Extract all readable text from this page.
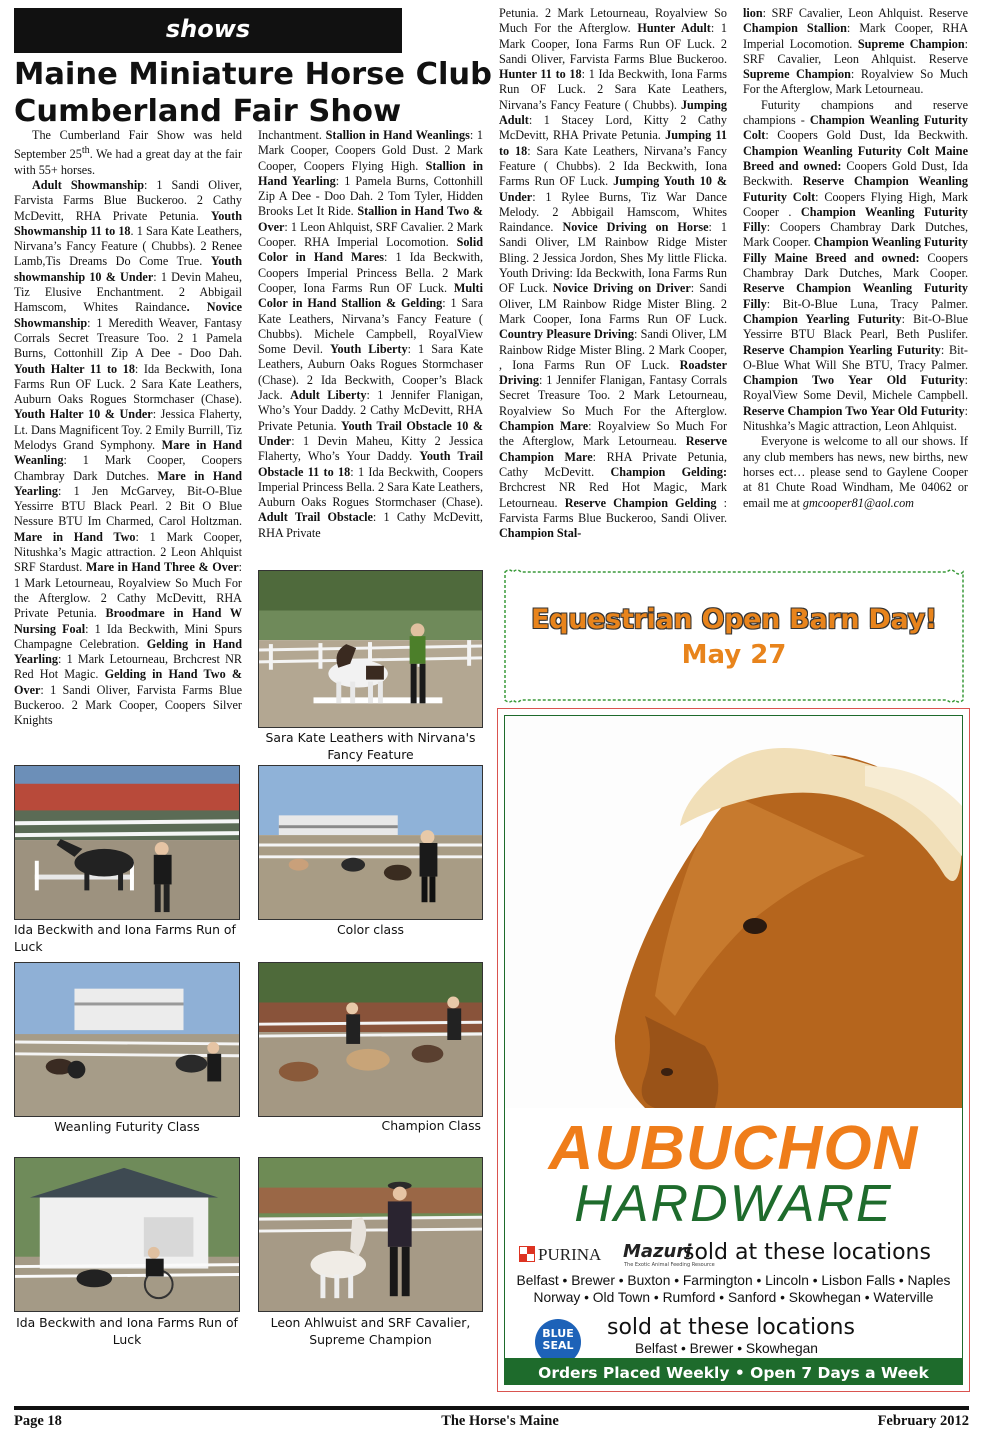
shows
Maine Miniature Horse Club
Cumberland Fair Show

The Cumberland Fair Show was held September 25th. We had a great day at the fair with 55+ horses.

Adult Showmanship: 1 Sandi Oliver, Farvista Farms Blue Buckeroo. 2 Cathy McDevitt, RHA Private Petunia. Youth Showmanship 11 to 18. 1 Sara Kate Leathers, Nirvana’s Fancy Feature ( Chubbs). 2 Renee Lamb,Tis Dreams Do Come True. Youth showmanship 10 & Under: 1 Devin Maheu, Tiz Elusive Enchantment. 2 Abbigail Hamscom, Whites Raindance. Novice Showmanship: 1 Meredith Weaver, Fantasy Corrals Secret Treasure Too. 2 1 Pamela Burns, Cottonhill Zip A Dee - Doo Dah. Youth Halter 11 to 18: Ida Beckwith, Iona Farms Run OF Luck. 2 Sara Kate Leathers, Auburn Oaks Rogues Stormchaser (Chase). Youth Halter 10 & Under: Jessica Flaherty, Lt. Dans Magnificent Toy. 2 Emily Burrill, Tiz Melodys Grand Symphony. Mare in Hand Weanling: 1 Mark Cooper, Coopers Chambray Dark Dutches. Mare in Hand Yearling: 1 Jen McGarvey, Bit-O-Blue Yessirre BTU Black Pearl. 2 Bit O Blue Nessure BTU Im Charmed, Carol Holtzman. Mare in Hand Two: 1 Mark Cooper, Nitushka’s Magic attraction. 2 Leon Ahlquist SRF Stardust. Mare in Hand Three & Over: 1 Mark Letourneau, Royalview So Much For the Afterglow. 2 Cathy McDevitt, RHA Private Petunia. Broodmare in Hand W Nursing Foal: 1 Ida Beckwith, Mini Spurs Champagne Celebration. Gelding in Hand Yearling: 1 Mark Letourneau, Brchcrest NR Red Hot Magic. Gelding in Hand Two & Over: 1 Sandi Oliver, Farvista Farms Blue Buckeroo. 2 Mark Cooper, Coopers Silver Knights

Inchantment. Stallion in Hand Weanlings: 1 Mark Cooper, Coopers Gold Dust. 2 Mark Cooper, Coopers Flying High. Stallion in Hand Yearling: 1 Pamela Burns, Cottonhill Zip A Dee - Doo Dah. 2 Tom Tyler, Hidden Brooks Let It Ride. Stallion in Hand Two & Over: 1 Leon Ahlquist, SRF Cavalier. 2 Mark Cooper. RHA Imperial Locomotion. Solid Color in Hand Mares: 1 Ida Beckwith, Coopers Imperial Princess Bella. 2 Mark Cooper, Iona Farms Run OF Luck. Multi Color in Hand Stallion & Gelding: 1 Sara Kate Leathers, Nirvana’s Fancy Feature ( Chubbs). Michele Campbell, RoyalView Some Devil. Youth Liberty: 1 Sara Kate Leathers, Auburn Oaks Rogues Stormchaser (Chase). 2 Ida Beckwith, Cooper’s Black Jack. Adult Liberty: 1 Jennifer Flanigan, Who’s Your Daddy. 2 Cathy McDevitt, RHA Private Petunia. Youth Trail Obstacle 10 & Under: 1 Devin Maheu, Kitty 2 Jessica Flaherty, Who’s Your Daddy. Youth Trail Obstacle 11 to 18: 1 Ida Beckwith, Coopers Imperial Princess Bella. 2 Sara Kate Leathers, Auburn Oaks Rogues Stormchaser (Chase). Adult Trail Obstacle: 1 Cathy McDevitt, RHA Private

Petunia. 2 Mark Letourneau, Royalview So Much For the Afterglow. Hunter Adult: 1 Mark Cooper, Iona Farms Run OF Luck. 2 Sandi Oliver, Farvista Farms Blue Buckeroo. Hunter 11 to 18: 1 Ida Beckwith, Iona Farms Run OF Luck. 2 Sara Kate Leathers, Nirvana’s Fancy Feature ( Chubbs). Jumping Adult: 1 Stacey Lord, Kitty 2 Cathy McDevitt, RHA Private Petunia. Jumping 11 to 18: Sara Kate Leathers, Nirvana’s Fancy Feature ( Chubbs). 2 Ida Beckwith, Iona Farms Run OF Luck. Jumping Youth 10 & Under: 1 Rylee Burns, Tiz War Dance Melody. 2 Abbigail Hamscom, Whites Raindance. Novice Driving on Horse: 1 Sandi Oliver, LM Rainbow Ridge Mister Bling. 2 Jessica Jordon, Shes My little Flicka. Youth Driving: Ida Beckwith, Iona Farms Run OF Luck. Novice Driving on Driver: Sandi Oliver, LM Rainbow Ridge Mister Bling. 2 Mark Cooper, Iona Farms Run OF Luck. Country Pleasure Driving: Sandi Oliver, LM Rainbow Ridge Mister Bling. 2 Mark Cooper, , Iona Farms Run OF Luck. Roadster Driving: 1 Jennifer Flanigan, Fantasy Corrals Secret Treasure Too. 2 Mark Letourneau, Royalview So Much For the Afterglow. Champion Mare: Royalview So Much For the Afterglow, Mark Letourneau. Reserve Champion Mare: RHA Private Petunia, Cathy McDevitt. Champion Gelding: Brchcrest NR Red Hot Magic, Mark Letourneau. Reserve Champion Gelding : Farvista Farms Blue Buckeroo, Sandi Oliver. Champion Stal-

lion: SRF Cavalier, Leon Ahlquist. Reserve Champion Stallion: Mark Cooper, RHA Imperial Locomotion. Supreme Champion: SRF Cavalier, Leon Ahlquist. Reserve Supreme Champion: Royalview So Much For the Afterglow, Mark Letourneau.

Futurity champions and reserve champions - Champion Weanling Futurity Colt: Coopers Gold Dust, Ida Beckwith. Champion Weanling Futurity Colt Maine Breed and owned: Coopers Gold Dust, Ida Beckwith. Reserve Champion Weanling Futurity Colt: Coopers Flying High, Mark Cooper . Champion Weanling Futurity Filly: Coopers Chambray Dark Dutches, Mark Cooper. Champion Weanling Futurity Filly Maine Breed and owned: Coopers Chambray Dark Dutches, Mark Cooper. Reserve Champion Weanling Futurity Filly: Bit-O-Blue Luna, Tracy Palmer. Champion Yearling Futurity: Bit-O-Blue Yessirre BTU Black Pearl, Beth Puslifer. Reserve Champion Yearling Futurity: Bit-O-Blue What Will She BTU, Tracy Palmer. Champion Two Year Old Futurity: RoyalView Some Devil, Michele Campbell. Reserve Champion Two Year Old Futurity: Nitushka’s Magic attraction, Leon Ahlquist.

Everyone is welcome to all our shows. If any club members has news, new births, new horses ect… please send to Gaylene Cooper at 81 Chute Road Windham, Me 04062 or email me at gmcooper81@aol.com

Sara Kate Leathers with Nirvana's Fancy Feature
Ida Beckwith and Iona Farms Run of Luck
Color class
Weanling Futurity Class	Champion Class
Ida Beckwith and Iona Farms Run of Luck
Leon Ahlwuist and SRF Cavalier, Supreme Champion
Equestrian Open Barn Day!
May 27
AUBUCHON
HARDWARE
PURINA Mazuri
The Exotic Animal Feeding Resource
sold at these locations
Belfast • Brewer • Buxton • Farmington • Lincoln • Lisbon Falls • Naples Norway • Old Town • Rumford • Sanford • Skowhegan • Waterville
BLUE SEAL
sold at these locations
Belfast • Brewer • Skowhegan
Orders Placed Weekly • Open 7 Days a Week
Page 18	The Horse's Maine	February 2012
